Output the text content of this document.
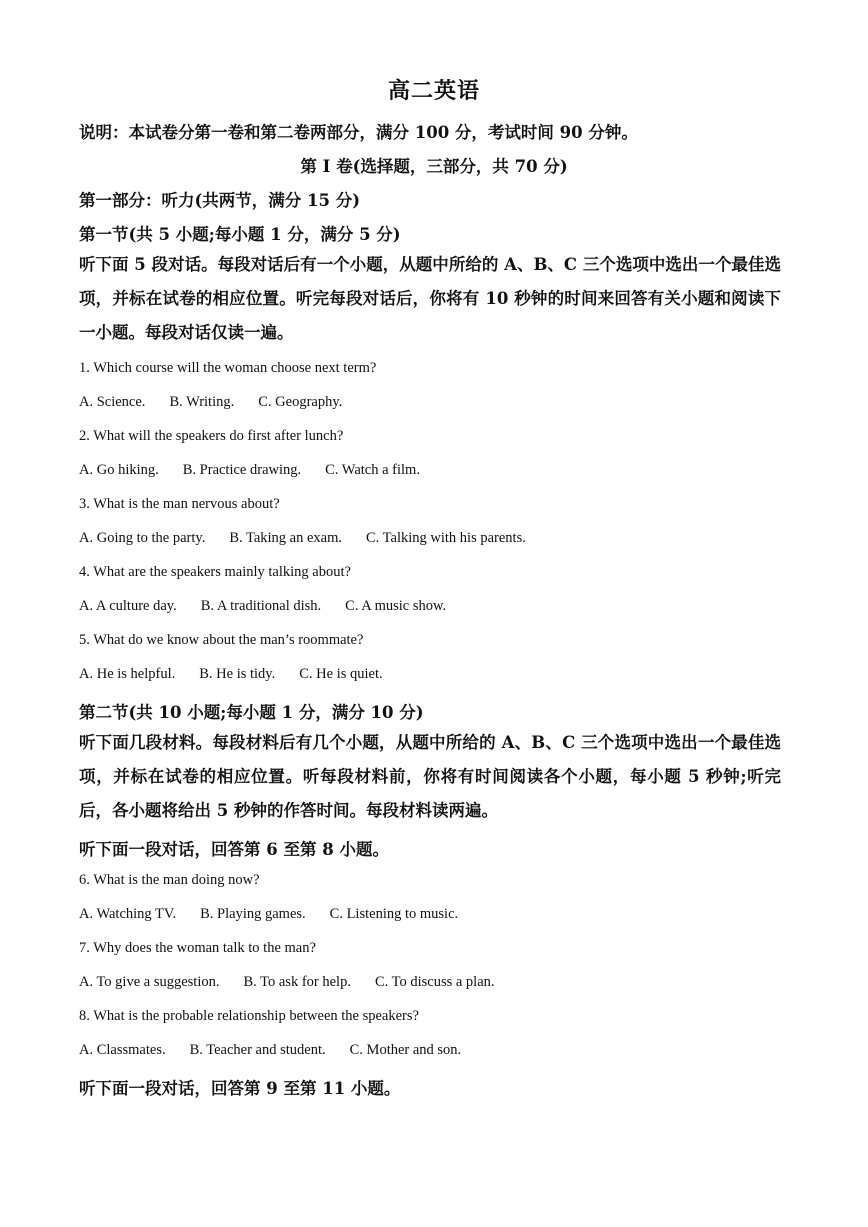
高二英语
说明：本试卷分第一卷和第二卷两部分，满分 100 分，考试时间 90 分钟。
第 I 卷(选择题，三部分，共 70 分)
第一部分：听力(共两节，满分 15 分)
第一节(共 5 小题;每小题 1 分，满分 5 分)
听下面 5 段对话。每段对话后有一个小题，从题中所给的 A、B、C 三个选项中选出一个最佳选项，并标在试卷的相应位置。听完每段对话后，你将有 10 秒钟的时间来回答有关小题和阅读下一小题。每段对话仅读一遍。
1. Which course will the woman choose next term?
A. Science. B. Writing. C. Geography.
2. What will the speakers do first after lunch?
A. Go hiking. B. Practice drawing. C. Watch a film.
3. What is the man nervous about?
A. Going to the party. B. Taking an exam. C. Talking with his parents.
4. What are the speakers mainly talking about?
A. A culture day. B. A traditional dish. C. A music show.
5. What do we know about the man’s roommate?
A. He is helpful. B. He is tidy. C. He is quiet.
第二节(共 10 小题;每小题 1 分，满分 10 分)
听下面几段材料。每段材料后有几个小题，从题中所给的 A、B、C 三个选项中选出一个最佳选项，并标在试卷的相应位置。听每段材料前，你将有时间阅读各个小题，每小题 5 秒钟;听完后，各小题将给出 5 秒钟的作答时间。每段材料读两遍。
听下面一段对话，回答第 6 至第 8 小题。
6. What is the man doing now?
A. Watching TV. B. Playing games. C. Listening to music.
7. Why does the woman talk to the man?
A. To give a suggestion. B. To ask for help. C. To discuss a plan.
8. What is the probable relationship between the speakers?
A. Classmates. B. Teacher and student. C. Mother and son.
听下面一段对话，回答第 9 至第 11 小题。
